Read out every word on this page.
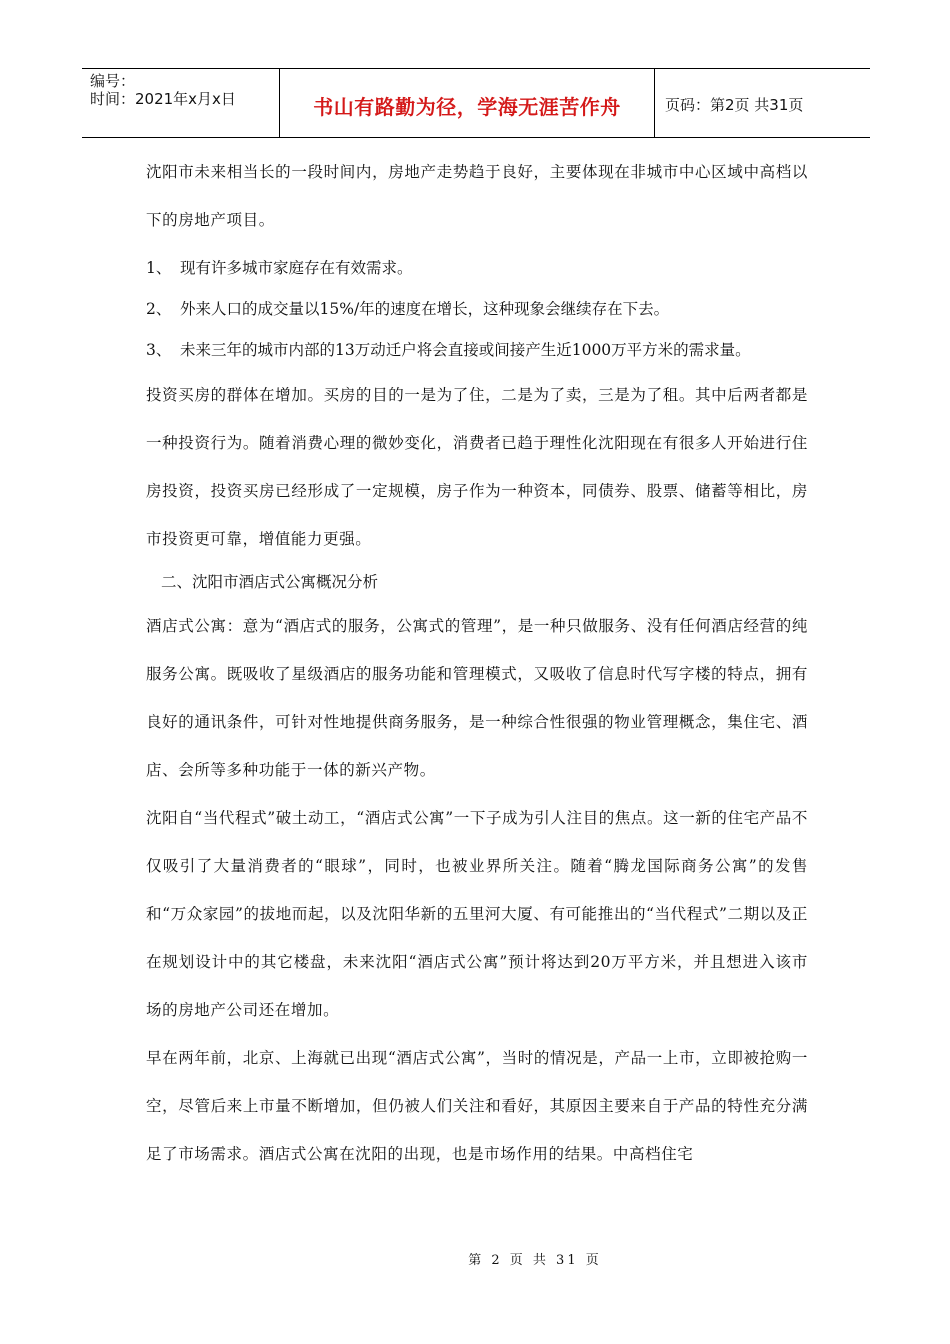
编号：
时间：2021年x月x日	书山有路勤为径，学海无涯苦作舟	页码：第2页 共31页

沈阳市未来相当长的一段时间内，房地产走势趋于良好，主要体现在非城市中心区域中高档以下的房地产项目。

1、 现有许多城市家庭存在有效需求。
2、 外来人口的成交量以15%/年的速度在增长，这种现象会继续存在下去。
3、 未来三年的城市内部的13万动迁户将会直接或间接产生近1000万平方米的需求量。

投资买房的群体在增加。买房的目的一是为了住，二是为了卖，三是为了租。其中后两者都是一种投资行为。随着消费心理的微妙变化，消费者已趋于理性化沈阳现在有很多人开始进行住房投资，投资买房已经形成了一定规模，房子作为一种资本，同债券、股票、储蓄等相比，房市投资更可靠，增值能力更强。

二、沈阳市酒店式公寓概况分析

酒店式公寓：意为“酒店式的服务，公寓式的管理”，是一种只做服务、没有任何酒店经营的纯服务公寓。既吸收了星级酒店的服务功能和管理模式，又吸收了信息时代写字楼的特点，拥有良好的通讯条件，可针对性地提供商务服务，是一种综合性很强的物业管理概念，集住宅、酒店、会所等多种功能于一体的新兴产物。

沈阳自“当代程式”破土动工，“酒店式公寓”一下子成为引人注目的焦点。这一新的住宅产品不仅吸引了大量消费者的“眼球”，同时，也被业界所关注。随着“腾龙国际商务公寓”的发售和“万众家园”的拔地而起，以及沈阳华新的五里河大厦、有可能推出的“当代程式”二期以及正在规划设计中的其它楼盘，未来沈阳“酒店式公寓”预计将达到20万平方米，并且想进入该市场的房地产公司还在增加。

早在两年前，北京、上海就已出现“酒店式公寓”，当时的情况是，产品一上市，立即被抢购一空，尽管后来上市量不断增加，但仍被人们关注和看好，其原因主要来自于产品的特性充分满足了市场需求。酒店式公寓在沈阳的出现，也是市场作用的结果。中高档住宅

第 2 页 共 31 页
